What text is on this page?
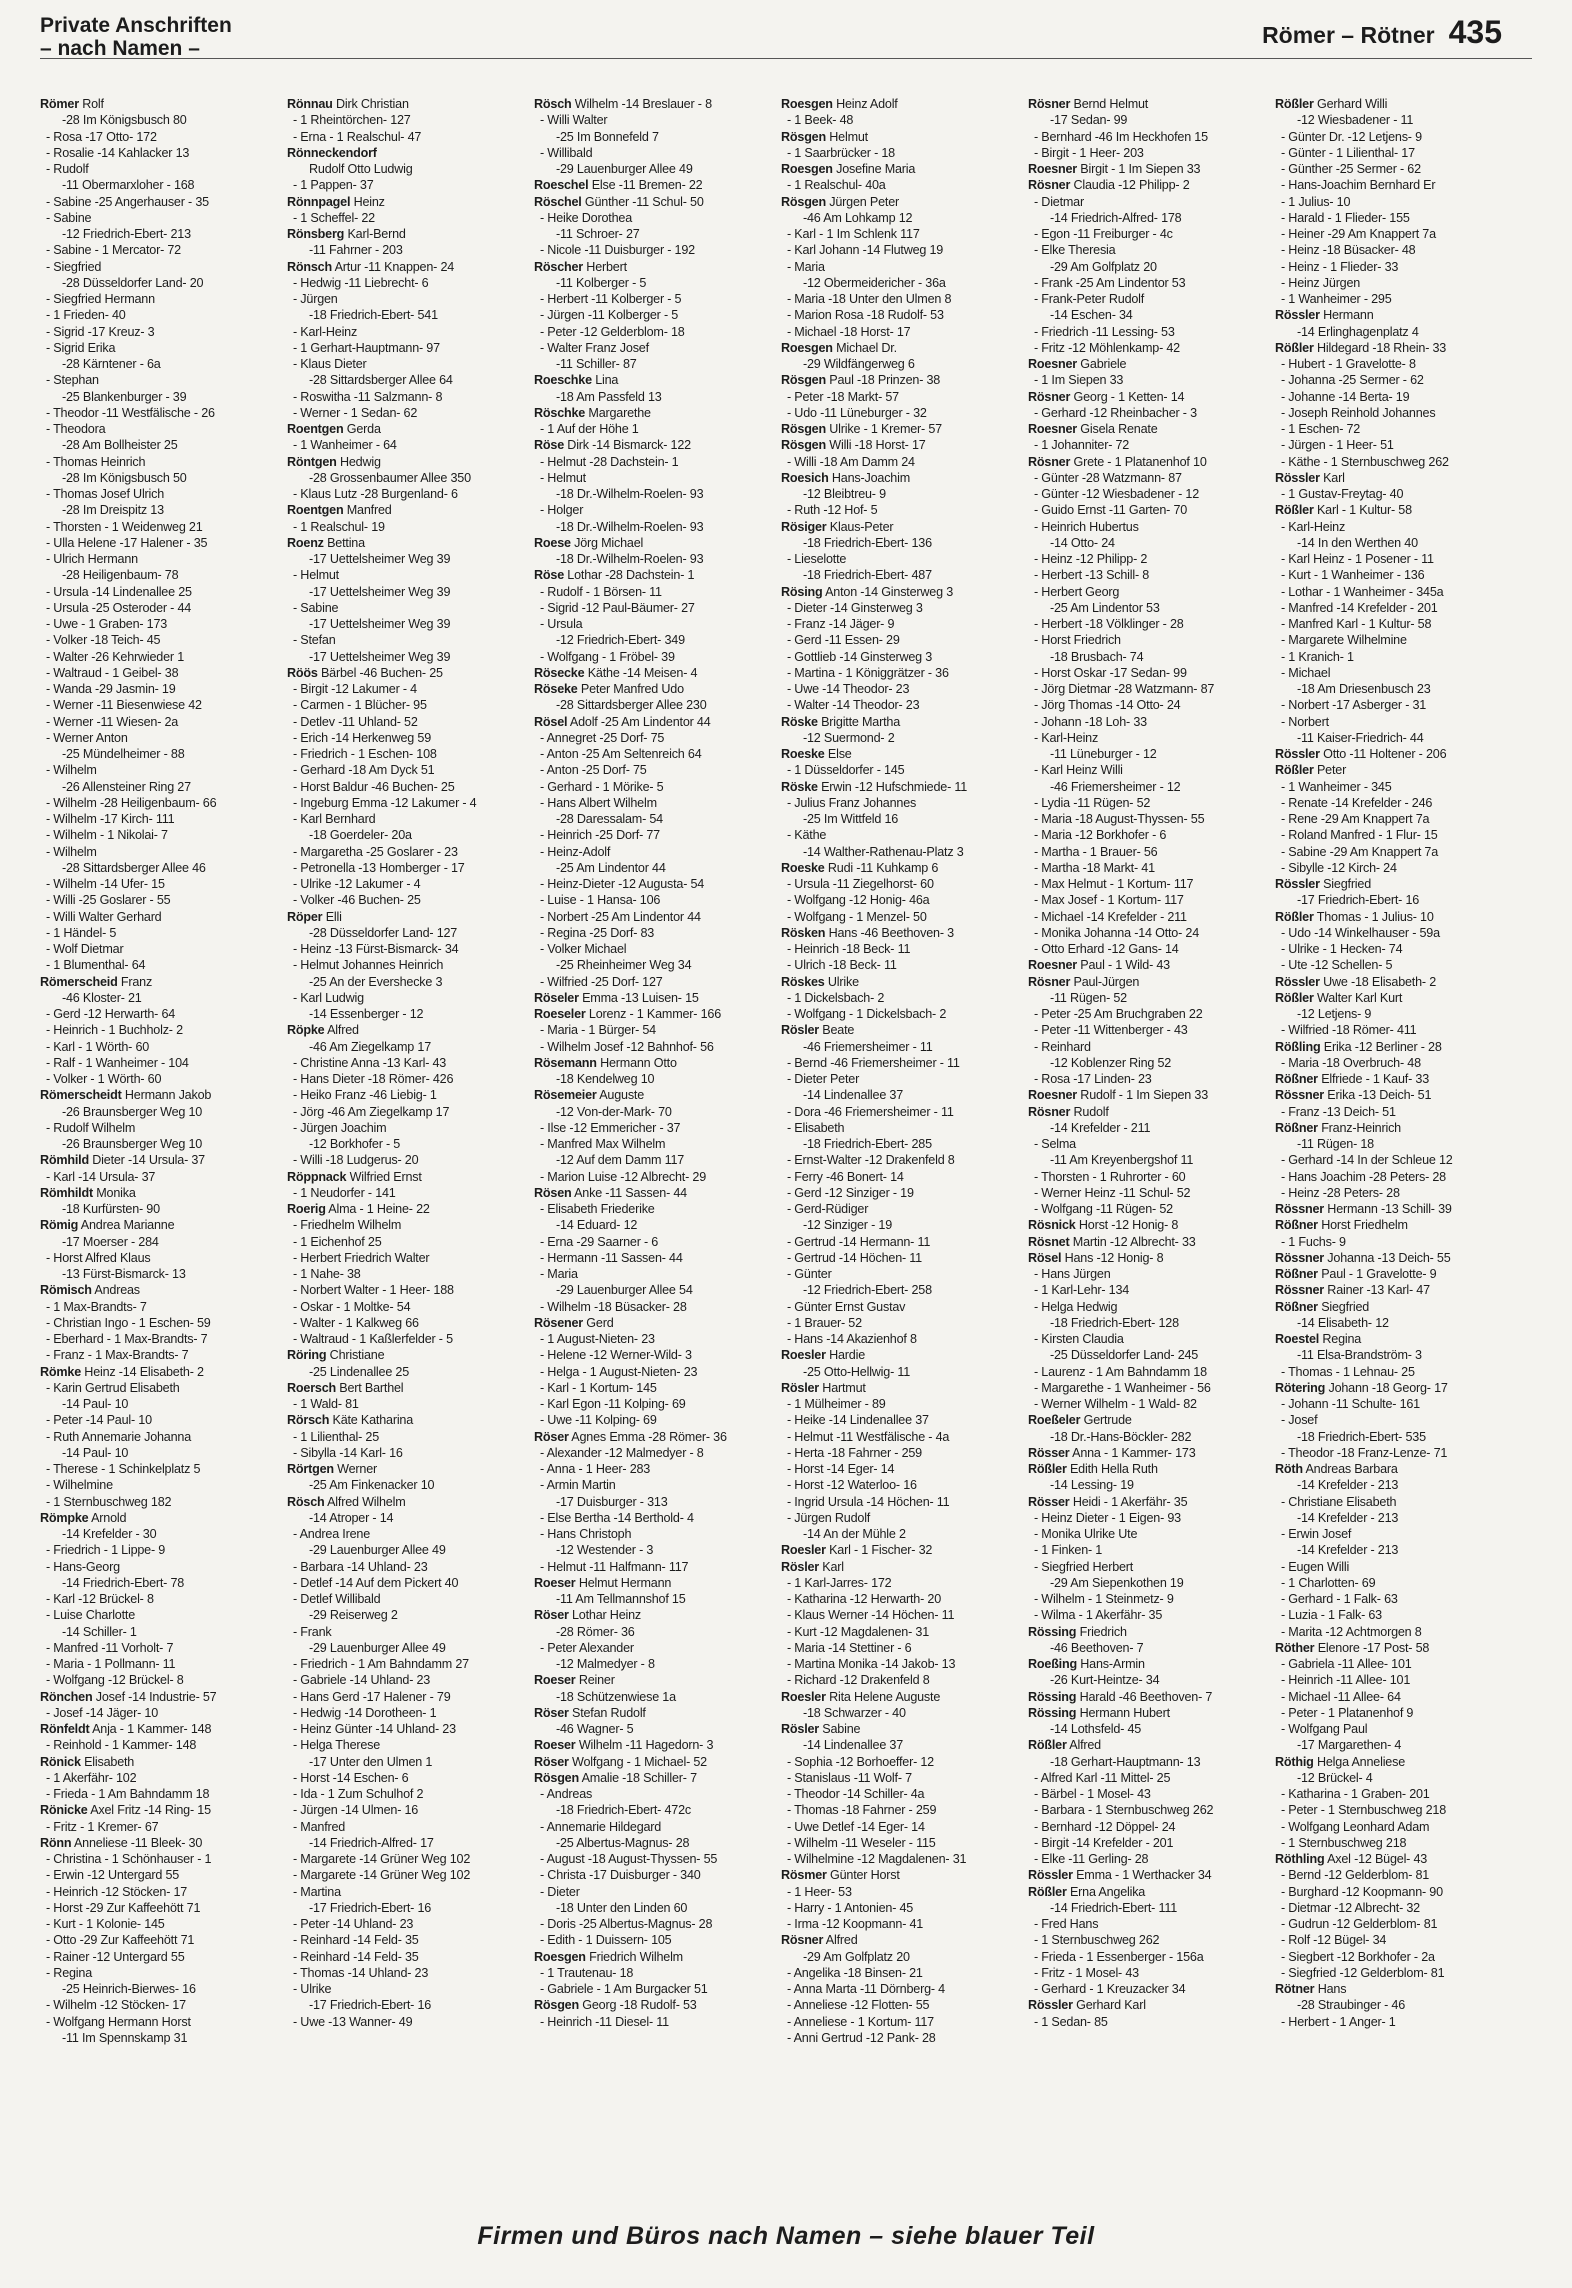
Private Anschriften
– nach Namen –
Römer – Rötner 435
Römer Rolf
-28 Im Königsbusch 80
- Rosa -17 Otto- 172
- Rosalie -14 Kahlacker 13
- Rudolf
-11 Obermarxloher - 168
- Sabine -25 Angerhauser - 35
- Sabine
-12 Friedrich-Ebert- 213
- Sabine - 1 Mercator- 72
- Siegfried
-28 Düsseldorfer Land- 20
- Siegfried Hermann
- 1 Frieden- 40
- Sigrid -17 Kreuz- 3
- Sigrid Erika
-28 Kärntener - 6a
- Stephan
-25 Blankenburger - 39
- Theodor -11 Westfälische - 26
- Theodora
-28 Am Bollheister 25
- Thomas Heinrich
-28 Im Königsbusch 50
- Thomas Josef Ulrich
-28 Im Dreispitz 13
- Thorsten - 1 Weidenweg 21
- Ulla Helene -17 Halener - 35
- Ulrich Hermann
-28 Heiligenbaum- 78
- Ursula -14 Lindenallee 25
- Ursula -25 Osteroder - 44
- Uwe - 1 Graben- 173
- Volker -18 Teich- 45
- Walter -26 Kehrwieder 1
- Waltraud - 1 Geibel- 38
- Wanda -29 Jasmin- 19
- Werner -11 Biesenwiese 42
- Werner -11 Wiesen- 2a
- Werner Anton
-25 Mündelheimer - 88
- Wilhelm
-26 Allensteiner Ring 27
- Wilhelm -28 Heiligenbaum- 66
- Wilhelm -17 Kirch- 111
- Wilhelm - 1 Nikolai- 7
- Wilhelm
-28 Sittardsberger Allee 46
- Wilhelm -14 Ufer- 15
- Willi -25 Goslarer - 55
- Willi Walter Gerhard
- 1 Händel- 5
- Wolf Dietmar
- 1 Blumenthal- 64
Römerscheid Franz
-46 Kloster- 21
- Gerd -12 Herwarth- 64
- Heinrich - 1 Buchholz- 2
- Karl - 1 Wörth- 60
- Ralf - 1 Wanheimer - 104
- Volker - 1 Wörth- 60
Römerscheidt Hermann Jakob
-26 Braunsberger Weg 10
- Rudolf Wilhelm
-26 Braunsberger Weg 10
Römhild Dieter -14 Ursula- 37
- Karl -14 Ursula- 37
Römhildt Monika
-18 Kurfürsten- 90
Römig Andrea Marianne
-17 Moerser - 284
- Horst Alfred Klaus
-13 Fürst-Bismarck- 13
Römisch Andreas
- 1 Max-Brandts- 7
- Christian Ingo - 1 Eschen- 59
- Eberhard - 1 Max-Brandts- 7
- Franz - 1 Max-Brandts- 7
Römke Heinz -14 Elisabeth- 2
- Karin Gertrud Elisabeth
-14 Paul- 10
- Peter -14 Paul- 10
- Ruth Annemarie Johanna
-14 Paul- 10
- Therese - 1 Schinkelplatz 5
- Wilhelmine
- 1 Sternbuschweg 182
Römpke Arnold
-14 Krefelder - 30
- Friedrich - 1 Lippe- 9
- Hans-Georg
-14 Friedrich-Ebert- 78
- Karl -12 Brückel- 8
- Luise Charlotte
-14 Schiller- 1
- Manfred -11 Vorholt- 7
- Maria - 1 Pollmann- 11
- Wolfgang -12 Brückel- 8
Rönchen Josef -14 Industrie- 57
- Josef -14 Jäger- 10
Rönfeldt Anja - 1 Kammer- 148
- Reinhold - 1 Kammer- 148
Rönick Elisabeth
- 1 Akerfähr- 102
- Frieda - 1 Am Bahndamm 18
Rönicke Axel Fritz -14 Ring- 15
- Fritz - 1 Kremer- 67
Rönn Anneliese -11 Bleek- 30
- Christina - 1 Schönhauser - 1
- Erwin -12 Untergard 55
- Heinrich -12 Stöcken- 17
- Horst -29 Zur Kaffeehött 71
- Kurt - 1 Kolonie- 145
- Otto -29 Zur Kaffeehött 71
- Rainer -12 Untergard 55
- Regina
-25 Heinrich-Bierwes- 16
- Wilhelm -12 Stöcken- 17
- Wolfgang Hermann Horst
-11 Im Spennskamp 31
Rönnau Dirk Christian
- 1 Rheintörchen- 127
- Erna - 1 Realschul- 47
Rönneckendorf
Rudolf Otto Ludwig
- 1 Pappen- 37
Rönnpagel Heinz
- 1 Scheffel- 22
Rönsberg Karl-Bernd
-11 Fahrner - 203
Rönsch Artur -11 Knappen- 24
- Hedwig -11 Liebrecht- 6
- Jürgen
-18 Friedrich-Ebert- 541
- Karl-Heinz
- 1 Gerhart-Hauptmann- 97
- Klaus Dieter
-28 Sittardsberger Allee 64
- Roswitha -11 Salzmann- 8
- Werner - 1 Sedan- 62
Roentgen Gerda
- 1 Wanheimer - 64
Röntgen Hedwig
-28 Grossenbaumer Allee 350
- Klaus Lutz -28 Burgenland- 6
Roentgen Manfred
- 1 Realschul- 19
Roenz Bettina
-17 Uettelsheimer Weg 39
- Helmut
-17 Uettelsheimer Weg 39
- Sabine
-17 Uettelsheimer Weg 39
- Stefan
-17 Uettelsheimer Weg 39
Röös Bärbel -46 Buchen- 25
- Birgit -12 Lakumer - 4
- Carmen - 1 Blücher- 95
- Detlev -11 Uhland- 52
- Erich -14 Herkenweg 59
- Friedrich - 1 Eschen- 108
- Gerhard -18 Am Dyck 51
- Horst Baldur -46 Buchen- 25
- Ingeburg Emma -12 Lakumer - 4
- Karl Bernhard
-18 Goerdeler- 20a
- Margaretha -25 Goslarer - 23
- Petronella -13 Homberger - 17
- Ulrike -12 Lakumer - 4
- Volker -46 Buchen- 25
Röper Elli
-28 Düsseldorfer Land- 127
- Heinz -13 Fürst-Bismarck- 34
- Helmut Johannes Heinrich
-25 An der Eversheckе 3
- Karl Ludwig
-14 Essenberger - 12
Röpke Alfred
-46 Am Ziegelkamp 17
- Christine Anna -13 Karl- 43
- Hans Dieter -18 Römer- 426
- Heiko Franz -46 Liebig- 1
- Jörg -46 Am Ziegelkamp 17
- Jürgen Joachim
-12 Borkhofer - 5
- Willi -18 Ludgerus- 20
Röppnack Wilfried Ernst
- 1 Neudorfer - 141
Roerig Alma - 1 Heine- 22
- Friedhelm Wilhelm
- 1 Eichenhof 25
- Herbert Friedrich Walter
- 1 Nahe- 38
- Norbert Walter - 1 Heer- 188
- Oskar - 1 Moltke- 54
- Walter - 1 Kalkweg 66
- Waltraud - 1 Kaßlerfelder - 5
Röring Christiane
-25 Lindenallee 25
Roersch Bert Barthel
- 1 Wald- 81
Rörsch Käte Katharina
- 1 Lilienthal- 25
- Sibylla -14 Karl- 16
Rörtgen Werner
-25 Am Finkenacker 10
Rösch Alfred Wilhelm
-14 Atroper - 14
- Andrea Irene
-29 Lauenburger Allee 49
- Barbara -14 Uhland- 23
- Detlef -14 Auf dem Pickert 40
- Detlef Willibald
-29 Reiserweg 2
- Frank
-29 Lauenburger Allee 49
- Friedrich - 1 Am Bahndamm 27
- Gabriele -14 Uhland- 23
- Hans Gerd -17 Halener - 79
- Hedwig -14 Dorotheen- 1
- Heinz Günter -14 Uhland- 23
- Helga Therese
-17 Unter den Ulmen 1
- Horst -14 Eschen- 6
- Ida - 1 Zum Schulhof 2
- Jürgen -14 Ulmen- 16
- Manfred
-14 Friedrich-Alfred- 17
- Margarete -14 Grüner Weg 102
- Margarete -14 Grüner Weg 102
- Martina
-17 Friedrich-Ebert- 16
- Peter -14 Uhland- 23
- Reinhard -14 Feld- 35
- Reinhard -14 Feld- 35
- Thomas -14 Uhland- 23
- Ulrike
-17 Friedrich-Ebert- 16
- Uwe -13 Wanner- 49
Rösch Wilhelm -14 Breslauer - 8
- Willi Walter
-25 Im Bonnefeld 7
- Willibald
-29 Lauenburger Allee 49
Roeschel Else -11 Bremen- 22
Röschel Günther -11 Schul- 50
- Heike Dorothea
-11 Schroer- 27
- Nicole -11 Duisburger - 192
Röscher Herbert
-11 Kolberger - 5
- Herbert -11 Kolberger - 5
- Jürgen -11 Kolberger - 5
- Peter -12 Gelderblom- 18
- Walter Franz Josef
-11 Schiller- 87
Roeschke Lina
-18 Am Passfeld 13
Röschke Margarethe
- 1 Auf der Höhe 1
Röse Dirk -14 Bismarck- 122
- Helmut -28 Dachstein- 1
- Helmut
-18 Dr.-Wilhelm-Roelen- 93
- Holger
-18 Dr.-Wilhelm-Roelen- 93
Roese Jörg Michael
-18 Dr.-Wilhelm-Roelen- 93
Röse Lothar -28 Dachstein- 1
- Rudolf - 1 Börsen- 11
- Sigrid -12 Paul-Bäumer- 27
- Ursula
-12 Friedrich-Ebert- 349
- Wolfgang - 1 Fröbel- 39
Rösecke Käthe -14 Meisen- 4
Röseke Peter Manfred Udo
-28 Sittardsberger Allee 230
Rösel Adolf -25 Am Lindentor 44
- Annegret -25 Dorf- 75
- Anton -25 Am Seltenreich 64
- Anton -25 Dorf- 75
- Gerhard - 1 Mörike- 5
- Hans Albert Wilhelm
-28 Daressalam- 54
- Heinrich -25 Dorf- 77
- Heinz-Adolf
-25 Am Lindentor 44
- Heinz-Dieter -12 Augusta- 54
- Luise - 1 Hansa- 106
- Norbert -25 Am Lindentor 44
- Regina -25 Dorf- 83
- Volker Michael
-25 Rheinheimer Weg 34
- Wilfried -25 Dorf- 127
Röseler Emma -13 Luisen- 15
Roeseler Lorenz - 1 Kammer- 166
- Maria - 1 Bürger- 54
- Wilhelm Josef -12 Bahnhof- 56
Rösemann Hermann Otto
-18 Kendelweg 10
Rösemeier Auguste
-12 Von-der-Mark- 70
- Ilse -12 Emmericher - 37
- Manfred Max Wilhelm
-12 Auf dem Damm 117
- Marion Luise -12 Albrecht- 29
Rösen Anke -11 Sassen- 44
- Elisabeth Friederike
-14 Eduard- 12
- Erna -29 Saarner - 6
- Hermann -11 Sassen- 44
- Maria
-29 Lauenburger Allee 54
- Wilhelm -18 Büsacker- 28
Rösener Gerd
- 1 August-Nieten- 23
- Helene -12 Werner-Wild- 3
- Helga - 1 August-Nieten- 23
- Karl - 1 Kortum- 145
- Karl Egon -11 Kolping- 69
- Uwe -11 Kolping- 69
Röser Agnes Emma -28 Römer- 36
- Alexander -12 Malmedyer - 8
- Anna - 1 Heer- 283
- Armin Martin
-17 Duisburger - 313
- Else Bertha -14 Berthold- 4
- Hans Christoph
-12 Westender - 3
- Helmut -11 Halfmann- 117
Roeser Helmut Hermann
-11 Am Tellmannshof 15
Röser Lothar Heinz
-28 Römer- 36
- Peter Alexander
-12 Malmedyer - 8
Roeser Reiner
-18 Schützenwiese 1a
Röser Stefan Rudolf
-46 Wagner- 5
Roeser Wilhelm -11 Hagedorn- 3
Röser Wolfgang - 1 Michael- 52
Rösgen Amalie -18 Schiller- 7
- Andreas
-18 Friedrich-Ebert- 472c
- Annemarie Hildegard
-25 Albertus-Magnus- 28
- August -18 August-Thyssen- 55
- Christa -17 Duisburger - 340
- Dieter
-18 Unter den Linden 60
- Doris -25 Albertus-Magnus- 28
- Edith - 1 Duissern- 105
Roesgen Friedrich Wilhelm
- 1 Trautenau- 18
- Gabriele - 1 Am Burgacker 51
Rösgen Georg -18 Rudolf- 53
- Heinrich -11 Diesel- 11
Roesgen Heinz Adolf
- 1 Beek- 48
Rösgen Helmut
- 1 Saarbrücker - 18
Roesgen Josefine Maria
- 1 Realschul- 40a
Rösgen Jürgen Peter
-46 Am Lohkamp 12
- Karl - 1 Im Schlenk 117
- Karl Johann -14 Flutweg 19
- Maria
-12 Obermeidericher - 36a
- Maria -18 Unter den Ulmen 8
- Marion Rosa -18 Rudolf- 53
- Michael -18 Horst- 17
Roesgen Michael Dr.
-29 Wildfängerweg 6
Rösgen Paul -18 Prinzen- 38
- Peter -18 Markt- 57
- Udo -11 Lüneburger - 32
Rösgen Ulrike - 1 Kremer- 57
Rösgen Willi -18 Horst- 17
- Willi -18 Am Damm 24
Roesich Hans-Joachim
-12 Bleibtreu- 9
- Ruth -12 Hof- 5
Rösiger Klaus-Peter
-18 Friedrich-Ebert- 136
- Lieselotte
-18 Friedrich-Ebert- 487
Rösing Anton -14 Ginsterweg 3
- Dieter -14 Ginsterweg 3
- Franz -14 Jäger- 9
- Gerd -11 Essen- 29
- Gottlieb -14 Ginsterweg 3
- Martina - 1 Königgrätzer - 36
- Uwe -14 Theodor- 23
- Walter -14 Theodor- 23
Röske Brigitte Martha
-12 Suermond- 2
Roeske Else
- 1 Düsseldorfer - 145
Röske Erwin -12 Hufschmiede- 11
- Julius Franz Johannes
-25 Im Wittfeld 16
- Käthe
-14 Walther-Rathenau-Platz 3
Roeske Rudi -11 Kuhkamp 6
- Ursula -11 Ziegelhorst- 60
- Wolfgang -12 Honig- 46a
- Wolfgang - 1 Menzel- 50
Rösken Hans -46 Beethoven- 3
- Heinrich -18 Beck- 11
- Ulrich -18 Beck- 11
Röskes Ulrike
- 1 Dickelsbach- 2
- Wolfgang - 1 Dickelsbach- 2
Rösler Beate
-46 Friemersheimer - 11
- Bernd -46 Friemersheimer - 11
- Dieter Peter
-14 Lindenallee 37
- Dora -46 Friemersheimer - 11
- Elisabeth
-18 Friedrich-Ebert- 285
- Ernst-Walter -12 Drakenfeld 8
- Ferry -46 Bonert- 14
- Gerd -12 Sinziger - 19
- Gerd-Rüdiger
-12 Sinziger - 19
- Gertrud -14 Hermann- 11
- Gertrud -14 Höchen- 11
- Günter
-12 Friedrich-Ebert- 258
- Günter Ernst Gustav
- 1 Brauer- 52
- Hans -14 Akazienhof 8
Roesler Hardie
-25 Otto-Hellwig- 11
Rösler Hartmut
- 1 Mülheimer - 89
- Heike -14 Lindenallee 37
- Helmut -11 Westfälische - 4a
- Herta -18 Fahrner - 259
- Horst -14 Eger- 14
- Horst -12 Waterloo- 16
- Ingrid Ursula -14 Höchen- 11
- Jürgen Rudolf
-14 An der Mühle 2
Roesler Karl - 1 Fischer- 32
Rösler Karl
- 1 Karl-Jarres- 172
- Katharina -12 Herwarth- 20
- Klaus Werner -14 Höchen- 11
- Kurt -12 Magdalenen- 31
- Maria -14 Stettiner - 6
- Martina Monika -14 Jakob- 13
- Richard -12 Drakenfeld 8
Roesler Rita Helene Auguste
-18 Schwarzer - 40
Rösler Sabine
-14 Lindenallee 37
- Sophia -12 Borhoeffer- 12
- Stanislaus -11 Wolf- 7
- Theodor -14 Schiller- 4a
- Thomas -18 Fahrner - 259
- Uwe Detlef -14 Eger- 14
- Wilhelm -11 Weseler - 115
- Wilhelmine -12 Magdalenen- 31
Rösmer Günter Horst
- 1 Heer- 53
- Harry - 1 Antonien- 45
- Irma -12 Koopmann- 41
Rösner Alfred
-29 Am Golfplatz 20
- Angelika -18 Binsen- 21
- Anna Marta -11 Dörnberg- 4
- Anneliese -12 Flotten- 55
- Anneliese - 1 Kortum- 117
- Anni Gertrud -12 Pank- 28
Rösner Bernd Helmut
-17 Sedan- 99
- Bernhard -46 Im Heckhofen 15
- Birgit - 1 Heer- 203
Roesner Birgit - 1 Im Siepen 33
Rösner Claudia -12 Philipp- 2
- Dietmar
-14 Friedrich-Alfred- 178
- Egon -11 Freiburger - 4c
- Elke Theresia
-29 Am Golfplatz 20
- Frank -25 Am Lindentor 53
- Frank-Peter Rudolf
-14 Eschen- 34
- Friedrich -11 Lessing- 53
- Fritz -12 Möhlenkamp- 42
Roesner Gabriele
- 1 Im Siepen 33
Rösner Georg - 1 Ketten- 14
- Gerhard -12 Rheinbacher - 3
Roesner Gisela Renate
- 1 Johanniter- 72
Rösner Grete - 1 Platanenhof 10
- Günter -28 Watzmann- 87
- Günter -12 Wiesbadener - 12
- Guido Ernst -11 Garten- 70
- Heinrich Hubertus
-14 Otto- 24
- Heinz -12 Philipp- 2
- Herbert -13 Schill- 8
- Herbert Georg
-25 Am Lindentor 53
- Herbert -18 Völklinger - 28
- Horst Friedrich
-18 Brusbach- 74
- Horst Oskar -17 Sedan- 99
- Jörg Dietmar -28 Watzmann- 87
- Jörg Thomas -14 Otto- 24
- Johann -18 Loh- 33
- Karl-Heinz
-11 Lüneburger - 12
- Karl Heinz Willi
-46 Friemersheimer - 12
- Lydia -11 Rügen- 52
- Maria -18 August-Thyssen- 55
- Maria -12 Borkhofer - 6
- Martha - 1 Brauer- 56
- Martha -18 Markt- 41
- Max Helmut - 1 Kortum- 117
- Max Josef - 1 Kortum- 117
- Michael -14 Krefelder - 211
- Monika Johanna -14 Otto- 24
- Otto Erhard -12 Gans- 14
Roesner Paul - 1 Wild- 43
Rösner Paul-Jürgen
-11 Rügen- 52
- Peter -25 Am Bruchgraben 22
- Peter -11 Wittenberger - 43
- Reinhard
-12 Koblenzer Ring 52
- Rosa -17 Linden- 23
Roesner Rudolf - 1 Im Siepen 33
Rösner Rudolf
-14 Krefelder - 211
- Selma
-11 Am Kreyenbergshof 11
- Thorsten - 1 Ruhrorter - 60
- Werner Heinz -11 Schul- 52
- Wolfgang -11 Rügen- 52
Rösnick Horst -12 Honig- 8
Rösnet Martin -12 Albrecht- 33
Rösel Hans -12 Honig- 8
- Hans Jürgen
- 1 Karl-Lehr- 134
- Helga Hedwig
-18 Friedrich-Ebert- 128
- Kirsten Claudia
-25 Düsseldorfer Land- 245
- Laurenz - 1 Am Bahndamm 18
- Margarethe - 1 Wanheimer - 56
- Werner Wilhelm - 1 Wald- 82
Roeßeler Gertrude
-18 Dr.-Hans-Böckler- 282
Rösser Anna - 1 Kammer- 173
Rößler Edith Hella Ruth
-14 Lessing- 19
Rösser Heidi - 1 Akerfähr- 35
- Heinz Dieter - 1 Eigen- 93
- Monika Ulrike Ute
- 1 Finken- 1
- Siegfried Herbert
-29 Am Siepenkothen 19
- Wilhelm - 1 Steinmetz- 9
- Wilma - 1 Akerfähr- 35
Rössing Friedrich
-46 Beethoven- 7
Roeßing Hans-Armin
-26 Kurt-Heintze- 34
Rössing Harald -46 Beethoven- 7
Rössing Hermann Hubert
-14 Lothsfeld- 45
Rößler Alfred
-18 Gerhart-Hauptmann- 13
- Alfred Karl -11 Mittel- 25
- Bärbel - 1 Mosel- 43
- Barbara - 1 Sternbuschweg 262
- Bernhard -12 Döppel- 24
- Birgit -14 Krefelder - 201
- Elke -11 Gerling- 28
Rössler Emma - 1 Werthacker 34
Rößler Erna Angelika
-14 Friedrich-Ebert- 111
- Fred Hans
- 1 Sternbuschweg 262
- Frieda - 1 Essenberger - 156a
- Fritz - 1 Mosel- 43
- Gerhard - 1 Kreuzacker 34
Rössler Gerhard Karl
- 1 Sedan- 85
Rößler Gerhard Willi
-12 Wiesbadener - 11
- Günter Dr. -12 Letjens- 9
- Günter - 1 Lilienthal- 17
- Günther -25 Sermer - 62
- Hans-Joachim Bernhard Er
- 1 Julius- 10
- Harald - 1 Flieder- 155
- Heiner -29 Am Knappert 7a
- Heinz -18 Büsacker- 48
- Heinz - 1 Flieder- 33
- Heinz Jürgen
- 1 Wanheimer - 295
Rössler Hermann
-14 Erlinghagenplatz 4
Rößler Hildegard -18 Rhein- 33
- Hubert - 1 Gravelotte- 8
- Johanna -25 Sermer - 62
- Johanne -14 Berta- 19
- Joseph Reinhold Johannes
- 1 Eschen- 72
- Jürgen - 1 Heer- 51
- Käthe - 1 Sternbuschweg 262
Rössler Karl
- 1 Gustav-Freytag- 40
Rößler Karl - 1 Kultur- 58
- Karl-Heinz
-14 In den Werthen 40
- Karl Heinz - 1 Posener - 11
- Kurt - 1 Wanheimer - 136
- Lothar - 1 Wanheimer - 345a
- Manfred -14 Krefelder - 201
- Manfred Karl - 1 Kultur- 58
- Margarete Wilhelmine
- 1 Kranich- 1
- Michael
-18 Am Driesenbusch 23
- Norbert -17 Asberger - 31
- Norbert
-11 Kaiser-Friedrich- 44
Rössler Otto -11 Holtener - 206
Rößler Peter
- 1 Wanheimer - 345
- Renate -14 Krefelder - 246
- Rene -29 Am Knappert 7a
- Roland Manfred - 1 Flur- 15
- Sabine -29 Am Knappert 7a
- Sibylle -12 Kirch- 24
Rössler Siegfried
-17 Friedrich-Ebert- 16
Rößler Thomas - 1 Julius- 10
- Udo -14 Winkelhauser - 59a
- Ulrike - 1 Hecken- 74
- Ute -12 Schellen- 5
Rössler Uwe -18 Elisabeth- 2
Rößler Walter Karl Kurt
-12 Letjens- 9
- Wilfried -18 Römer- 411
Rößling Erika -12 Berliner - 28
- Maria -18 Overbruch- 48
Rößner Elfriede - 1 Kauf- 33
Rössner Erika -13 Deich- 51
- Franz -13 Deich- 51
Rößner Franz-Heinrich
-11 Rügen- 18
- Gerhard -14 In der Schleue 12
- Hans Joachim -28 Peters- 28
- Heinz -28 Peters- 28
Rössner Hermann -13 Schill- 39
Rößner Horst Friedhelm
- 1 Fuchs- 9
Rössner Johanna -13 Deich- 55
Rößner Paul - 1 Gravelotte- 9
Rössner Rainer -13 Karl- 47
Rößner Siegfried
-14 Elisabeth- 12
Roestel Regina
-11 Elsa-Brandström- 3
- Thomas - 1 Lehnau- 25
Rötering Johann -18 Georg- 17
- Johann -11 Schulte- 161
- Josef
-18 Friedrich-Ebert- 535
- Theodor -18 Franz-Lenze- 71
Röth Andreas Barbara
-14 Krefelder - 213
- Christiane Elisabeth
-14 Krefelder - 213
- Erwin Josef
-14 Krefelder - 213
- Eugen Willi
- 1 Charlotten- 69
- Gerhard - 1 Falk- 63
- Luzia - 1 Falk- 63
- Marita -12 Achtmorgen 8
Röther Elenore -17 Post- 58
- Gabriela -11 Allee- 101
- Heinrich -11 Allee- 101
- Michael -11 Allee- 64
- Peter - 1 Platanenhof 9
- Wolfgang Paul
-17 Margarethen- 4
Röthig Helga Anneliese
-12 Brückel- 4
- Katharina - 1 Graben- 201
- Peter - 1 Sternbuschweg 218
- Wolfgang Leonhard Adam
- 1 Sternbuschweg 218
Röthling Axel -12 Bügel- 43
- Bernd -12 Gelderblom- 81
- Burghard -12 Koopmann- 90
- Dietmar -12 Albrecht- 32
- Gudrun -12 Gelderblom- 81
- Rolf -12 Bügel- 34
- Siegbert -12 Borkhofer - 2a
- Siegfried -12 Gelderblom- 81
Rötner Hans
-28 Straubinger - 46
- Herbert - 1 Anger- 1
Firmen und Büros nach Namen – siehe blauer Teil
